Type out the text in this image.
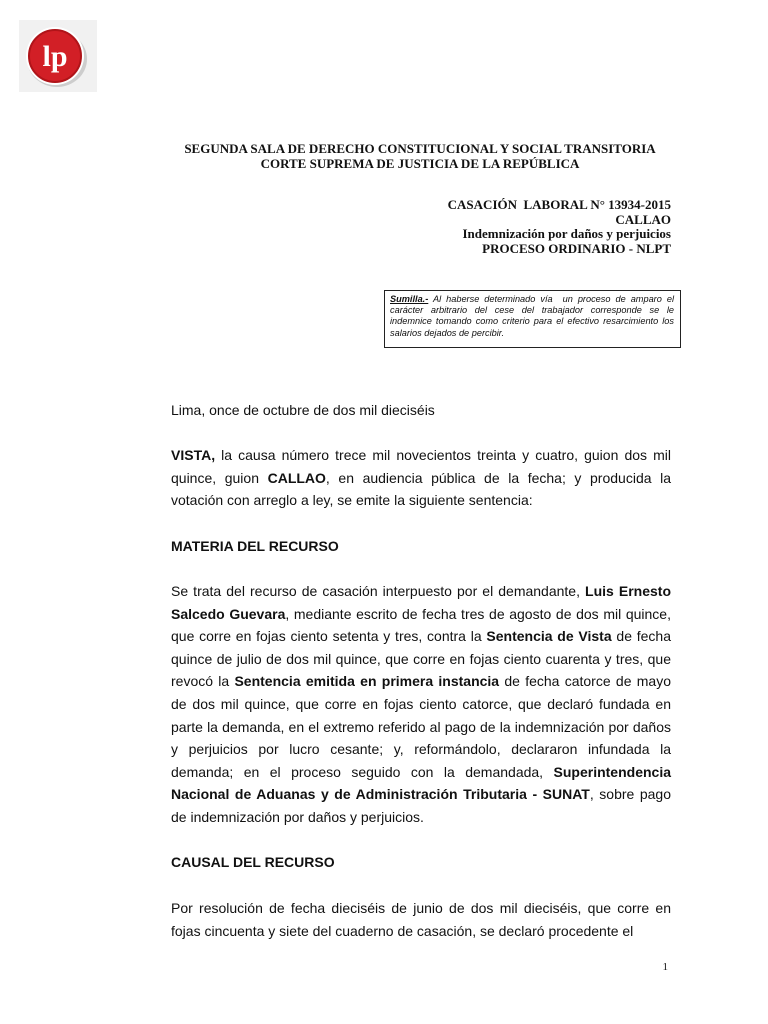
lp
SEGUNDA SALA DE DERECHO CONSTITUCIONAL Y SOCIAL TRANSITORIA
CORTE SUPREMA DE JUSTICIA DE LA REPÚBLICA
CASACIÓN  LABORAL N° 13934-2015
CALLAO
Indemnización por daños y perjuicios
PROCESO ORDINARIO - NLPT
Sumilla.- Al haberse determinado vía  un proceso de amparo el carácter arbitrario del cese del trabajador corresponde se le indemnice tomando como criterio para el efectivo resarcimiento los salarios dejados de percibir.

Lima, once de octubre de dos mil dieciséis

VISTA, la causa número trece mil novecientos treinta y cuatro, guion dos mil quince, guion CALLAO, en audiencia pública de la fecha; y producida la votación con arreglo a ley, se emite la siguiente sentencia:

MATERIA DEL RECURSO

Se trata del recurso de casación interpuesto por el demandante, Luis Ernesto Salcedo Guevara, mediante escrito de fecha tres de agosto de dos mil quince, que corre en fojas ciento setenta y tres, contra la Sentencia de Vista de fecha quince de julio de dos mil quince, que corre en fojas ciento cuarenta y tres, que revocó la Sentencia emitida en primera instancia de fecha catorce de mayo de dos mil quince, que corre en fojas ciento catorce, que declaró fundada en parte la demanda, en el extremo referido al pago de la indemnización por daños y perjuicios por lucro cesante; y, reformándolo, declararon infundada la demanda; en el proceso seguido con la demandada, Superintendencia Nacional de Aduanas y de Administración Tributaria - SUNAT, sobre pago de indemnización por daños y perjuicios.

CAUSAL DEL RECURSO

Por resolución de fecha dieciséis de junio de dos mil dieciséis, que corre en fojas cincuenta y siete del cuaderno de casación, se declaró procedente el

1
